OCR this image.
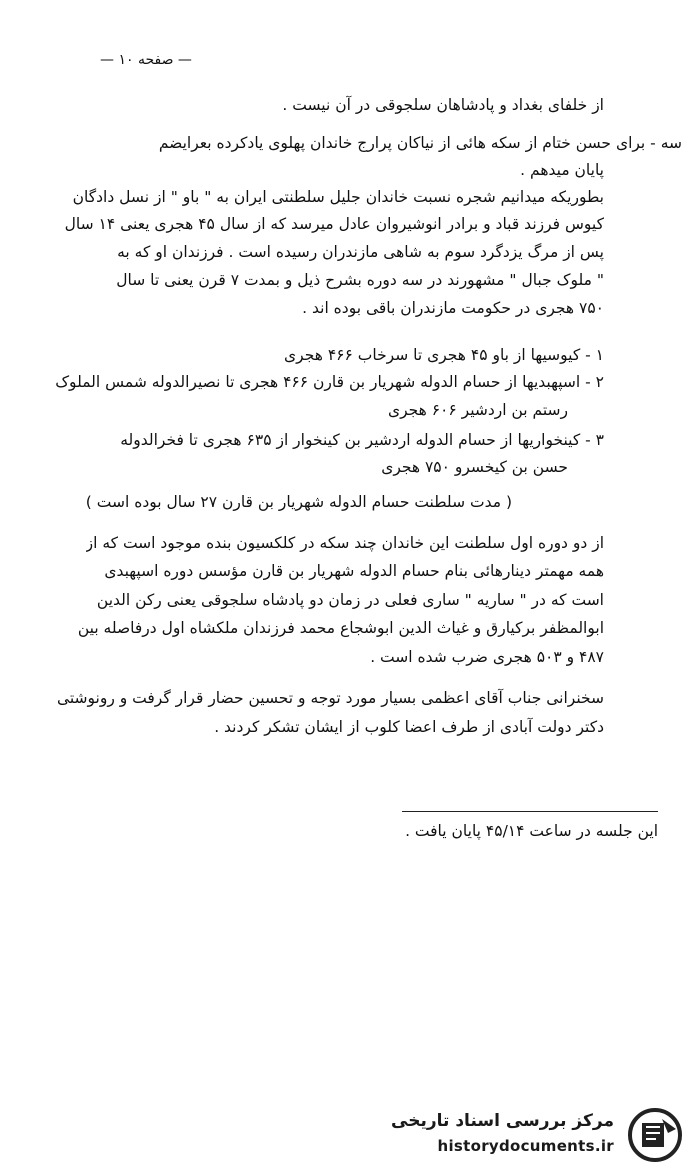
— صفحه ۱۰ —
از خلفای بغداد و پادشاهان سلجوقی در آن نیست .
سه - برای حسن ختام از سکه هائی از نیاکان پرارج خاندان پهلوی یادکرده بعرایضم
پایان میدهم .
بطوریکه میدانیم شجره نسبت خاندان جلیل سلطنتی ایران به " باو " از نسل دادگان
کیوس فرزند قباد و برادر انوشیروان عادل میرسد که از سال ۴۵ هجری یعنی ۱۴ سال
پس از مرگ یزدگرد سوم به شاهی مازندران رسیده است . فرزندان او که به
" ملوک جبال " مشهورند در سه دوره بشرح ذیل و بمدت ۷ قرن یعنی تا سال
۷۵۰ هجری در حکومت مازندران باقی بوده اند .
۱ - کیوسیها از باو ۴۵ هجری تا سرخاب ۴۶۶ هجری
۲ - اسپهبدیها از حسام الدوله شهریار بن قارن ۴۶۶ هجری تا نصیرالدوله شمس الملوک
رستم بن اردشیر ۶۰۶ هجری
۳ - کینخواریها از حسام الدوله اردشیر بن کینخوار از ۶۳۵ هجری تا فخرالدوله
حسن بن کیخسرو ۷۵۰ هجری
( مدت سلطنت حسام الدوله شهریار بن قارن ۲۷ سال بوده است )
از دو دوره اول سلطنت این خاندان چند سکه در کلکسیون بنده موجود است که از
همه مهمتر دینارهائی بنام حسام الدوله شهریار بن قارن مؤسس دوره اسپهبدی
است که در " ساریه " ساری فعلی در زمان دو پادشاه سلجوقی یعنی رکن الدین
ابوالمظفر برکیارق و غیاث الدین ابوشجاع محمد فرزندان ملکشاه اول درفاصله بین
۴۸۷ و ۵۰۳ هجری ضرب شده است .
سخنرانی جناب آقای اعظمی بسیار مورد توجه و تحسین حضار قرار گرفت و رونوشتی
دکتر دولت آبادی از طرف اعضا کلوب از ایشان تشکر کردند .
این جلسه در ساعت ۴۵/۱۴ پایان یافت .
مرکز بررسی اسناد تاریخی
historydocuments.ir
